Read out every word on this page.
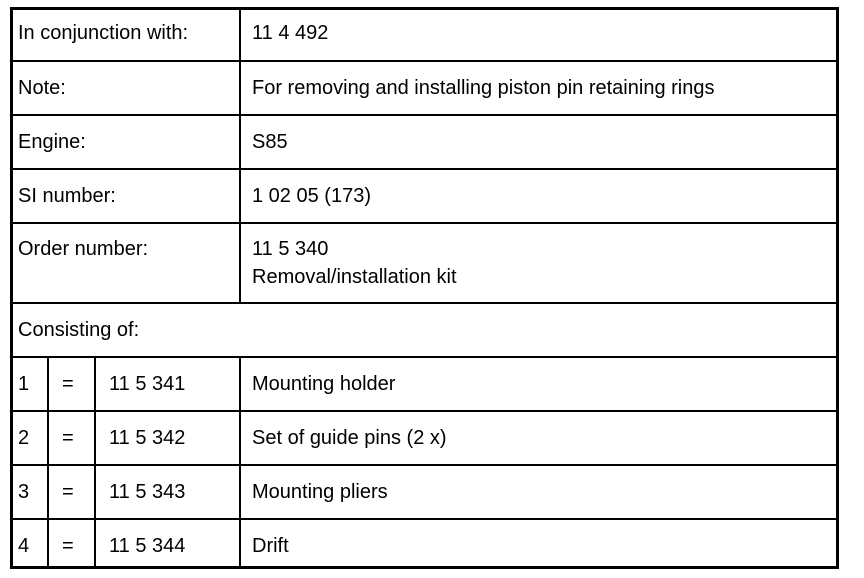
In conjunction with:	11 4 492
Note:	For removing and installing piston pin retaining rings
Engine:	S85
SI number:	1 02 05 (173)
Order number:	11 5 340
Removal/installation kit
Consisting of:
1 = 11 5 341	Mounting holder
2 = 11 5 342	Set of guide pins (2 x)
3 = 11 5 343	Mounting pliers
4 = 11 5 344	Drift
